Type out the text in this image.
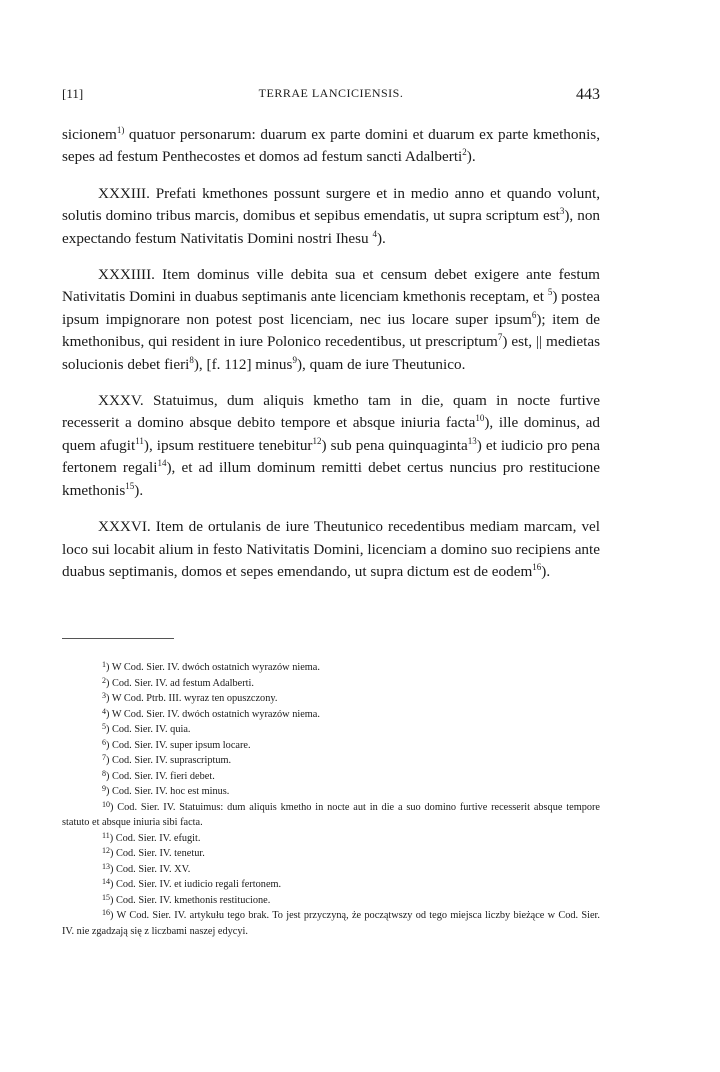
[11]	TERRAE LANCICIENSIS.	443

sicionem$^{1)}$ quatuor personarum: duarum ex parte domini et duarum ex parte kmethonis, sepes ad festum Penthecostes et domos ad festum sancti Adalberti$^2$).

XXXIII. Prefati kmethones possunt surgere et in medio anno et quando volunt, solutis domino tribus marcis, domibus et sepibus emendatis, ut supra scriptum est$^3$), non expectando festum Nativitatis Domini nostri Ihesu $^4$).

XXXIIII. Item dominus ville debita sua et censum debet exigere ante festum Nativitatis Domini in duabus septimanis ante licenciam kmethonis receptam, et $^5$) postea ipsum impignorare non potest post licenciam, nec ius locare super ipsum$^6$); item de kmethonibus, qui resident in iure Polonico recedentibus, ut prescriptum$^7$) est, || medietas solucionis debet fieri$^8$), [f. 112] minus$^9$), quam de iure Theutunico.

XXXV. Statuimus, dum aliquis kmetho tam in die, quam in nocte furtive recesserit a domino absque debito tempore et absque iniuria facta$^{10}$), ille dominus, ad quem afugit$^{11}$), ipsum restituere tenebitur$^{12}$) sub pena quinquaginta$^{13}$) et iudicio pro pena fertonem regali$^{14}$), et ad illum dominum remitti debet certus nuncius pro restitucione kmethonis$^{15}$).

XXXVI. Item de ortulanis de iure Theutunico recedentibus mediam marcam, vel loco sui locabit alium in festo Nativitatis Domini, licenciam a domino suo recipiens ante duabus septimanis, domos et sepes emendando, ut supra dictum est de eodem$^{16}$).

$^1$) W Cod. Sier. IV. dwóch ostatnich wyrazów niema.

$^2$) Cod. Sier. IV. ad festum Adalberti.

$^3$) W Cod. Ptrb. III. wyraz ten opuszczony.

$^4$) W Cod. Sier. IV. dwóch ostatnich wyrazów niema.

$^5$) Cod. Sier. IV. quia.

$^6$) Cod. Sier. IV. super ipsum locare.

$^7$) Cod. Sier. IV. suprascriptum.

$^8$) Cod. Sier. IV. fieri debet.

$^9$) Cod. Sier. IV. hoc est minus.

$^{10}$) Cod. Sier. IV. Statuimus: dum aliquis kmetho in nocte aut in die a suo domino furtive recesserit absque tempore statuto et absque iniuria sibi facta.

$^{11}$) Cod. Sier. IV. efugit.

$^{12}$) Cod. Sier. IV. tenetur.

$^{13}$) Cod. Sier. IV. XV.

$^{14}$) Cod. Sier. IV. et iudicio regali fertonem.

$^{15}$) Cod. Sier. IV. kmethonis restitucione.

$^{16}$) W Cod. Sier. IV. artykułu tego brak. To jest przyczyną, że początwszy od tego miejsca liczby bieżące w Cod. Sier. IV. nie zgadzają się z liczbami naszej edycyi.
